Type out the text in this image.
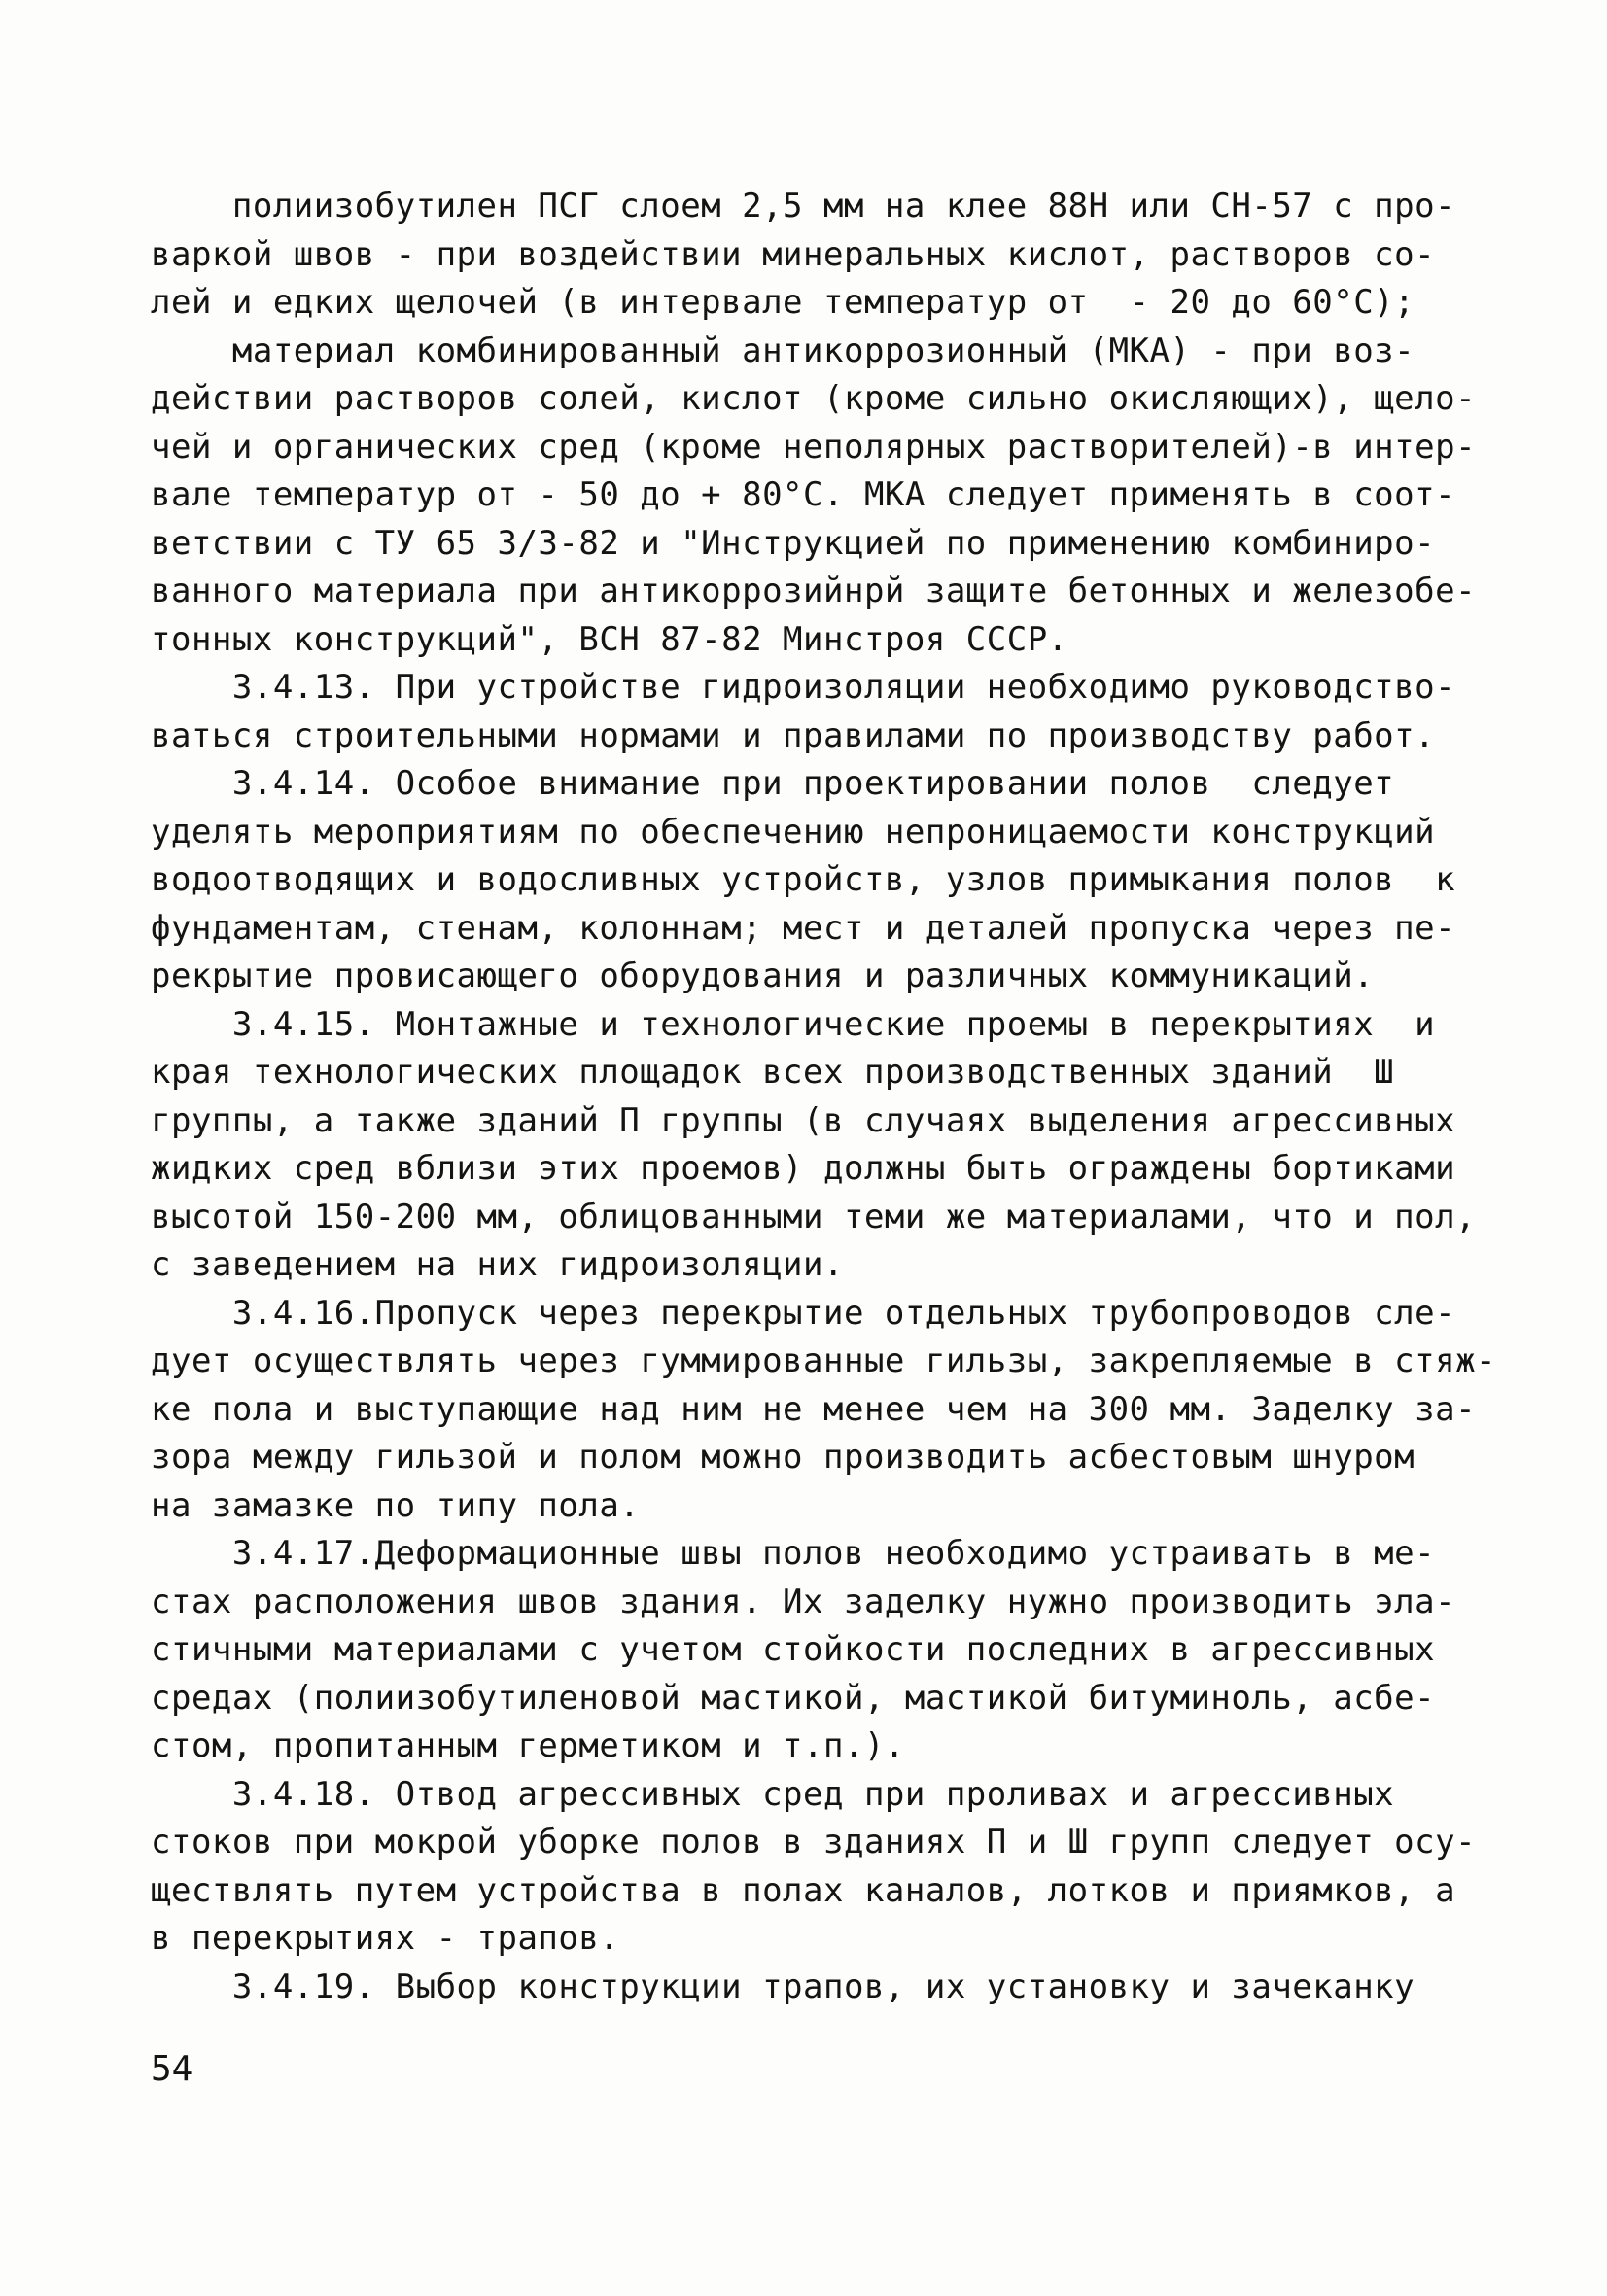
полиизобутилен ПСГ слоем 2,5 мм на клее 88Н или СН-57 с про-
варкой швов - при воздействии минеральных кислот, растворов со-
лей и едких щелочей (в интервале температур от  - 20 до 60°С);
материал комбинированный антикоррозионный (МКА) - при воз-
действии растворов солей, кислот (кроме сильно окисляющих), щело-
чей и органических сред (кроме неполярных растворителей)-в интер-
вале температур от - 50 до + 80°С. МКА следует применять в соот-
ветствии с ТУ 65 3/3-82 и "Инструкцией по применению комбиниро-
ванного материала при антикоррозийнрй защите бетонных и железобе-
тонных конструкций", ВСН 87-82 Минстроя СССР.
3.4.13. При устройстве гидроизоляции необходимо руководство-
ваться строительными нормами и правилами по производству работ.
3.4.14. Особое внимание при проектировании полов  следует
уделять мероприятиям по обеспечению непроницаемости конструкций
водоотводящих и водосливных устройств, узлов примыкания полов  к
фундаментам, стенам, колоннам; мест и деталей пропуска через пе-
рекрытие провисающего оборудования и различных коммуникаций.
3.4.15. Монтажные и технологические проемы в перекрытиях  и
края технологических площадок всех производственных зданий  Ш
группы, а также зданий П группы (в случаях выделения агрессивных
жидких сред вблизи этих проемов) должны быть ограждены бортиками
высотой 150-200 мм, облицованными теми же материалами, что и пол,
с заведением на них гидроизоляции.
3.4.16.Пропуск через перекрытие отдельных трубопроводов сле-
дует осуществлять через гуммированные гильзы, закрепляемые в стяж-
ке пола и выступающие над ним не менее чем на 300 мм. Заделку за-
зора между гильзой и полом можно производить асбестовым шнуром
на замазке по типу пола.
3.4.17.Деформационные швы полов необходимо устраивать в ме-
стах расположения швов здания. Их заделку нужно производить эла-
стичными материалами с учетом стойкости последних в агрессивных
средах (полиизобутиленовой мастикой, мастикой битуминоль, асбе-
стом, пропитанным герметиком и т.п.).
3.4.18. Отвод агрессивных сред при проливах и агрессивных
стоков при мокрой уборке полов в зданиях П и Ш групп следует осу-
ществлять путем устройства в полах каналов, лотков и приямков, а
в перекрытиях - трапов.
3.4.19. Выбор конструкции трапов, их установку и зачеканку
54
